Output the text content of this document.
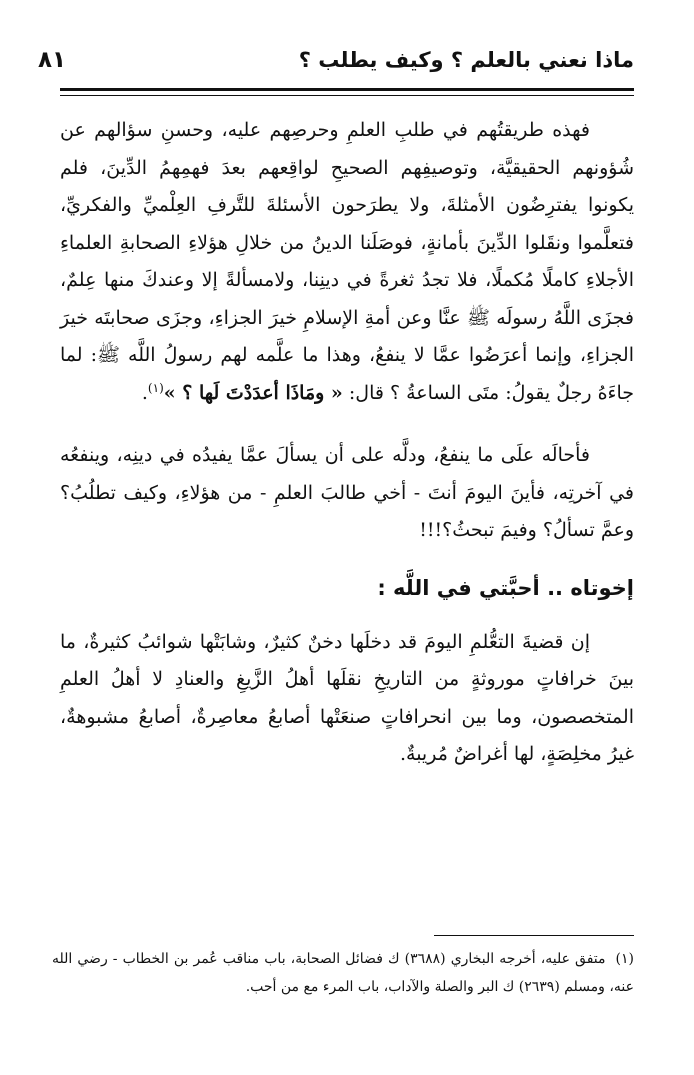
ماذا نعني بالعلم ؟ وكيف يطلب ؟
٨١

فهذه طريقتُهم في طلبِ العلمِ وحرصِهم عليه، وحسنِ سؤالهم عن شُؤونهم الحقيقيَّة، وتوصيفِهم الصحيحِ لواقِعهم بعدَ فهمِهمُ الدِّينَ، فلم يكونوا يفترِضُون الأمثلةَ، ولا يطرَحون الأسئلةَ للتَّرفِ العِلْميِّ والفكريِّ، فتعلَّموا ونقَلوا الدِّينَ بأمانةٍ، فوصَلَنا الدينُ من خلالِ هؤلاءِ الصحابةِ العلماءِ الأجلاءِ كاملًا مُكملًا، فلا تجدُ ثغرةً في دينِنا، ولامسألةً إلا وعندكَ منها عِلمٌ، فجزَى اللَّهُ رسولَه ﷺ عنَّا وعن أمةِ الإسلامِ خيرَ الجزاءِ، وجزَى صحابتَه خيرَ الجزاءِ، وإنما أعرَضُوا عمَّا لا ينفعُ، وهذا ما علَّمه لهم رسولُ اللَّه ﷺ: لما جاءَهُ رجلٌ يقولُ: متَى الساعةُ ؟ قال: « ومَاذَا أعدَدْتَ لَها ؟ »$^{(١)}$.

فأحالَه علَى ما ينفعُ، ودلَّه على أن يسألَ عمَّا يفيدُه في دينِه، وينفعُه في آخرتِه، فأينَ اليومَ أنتَ - أخي طالبَ العلمِ - من هؤلاءِ، وكيف تطلُبُ؟ وعمَّ تسألُ؟ وفيمَ تبحثُ؟!!!

إخوتاه .. أحبَّتي في اللَّه :

إن قضيةَ التعُّلمِ اليومَ قد دخلَها دخنٌ كثيرٌ، وشابَتْها شوائبُ كثيرةٌ، ما بينَ خرافاتٍ موروثةٍ من التاريخِ نقلَها أهلُ الزَّيغِ والعنادِ لا أهلُ العلمِ المتخصصون، وما بين انحرافاتٍ صنعَتْها أصابعُ معاصِرةٌ، أصابعُ مشبوهةٌ، غيرُ مخلِصَةٍ، لها أغراضٌ مُريبةٌ.

(١)متفق عليه، أخرجه البخاري (٣٦٨٨) ك فضائل الصحابة، باب مناقب عُمر بن الخطاب - رضي الله عنه، ومسلم (٢٦٣٩) ك البر والصلة والآداب، باب المرء مع من أحب.
